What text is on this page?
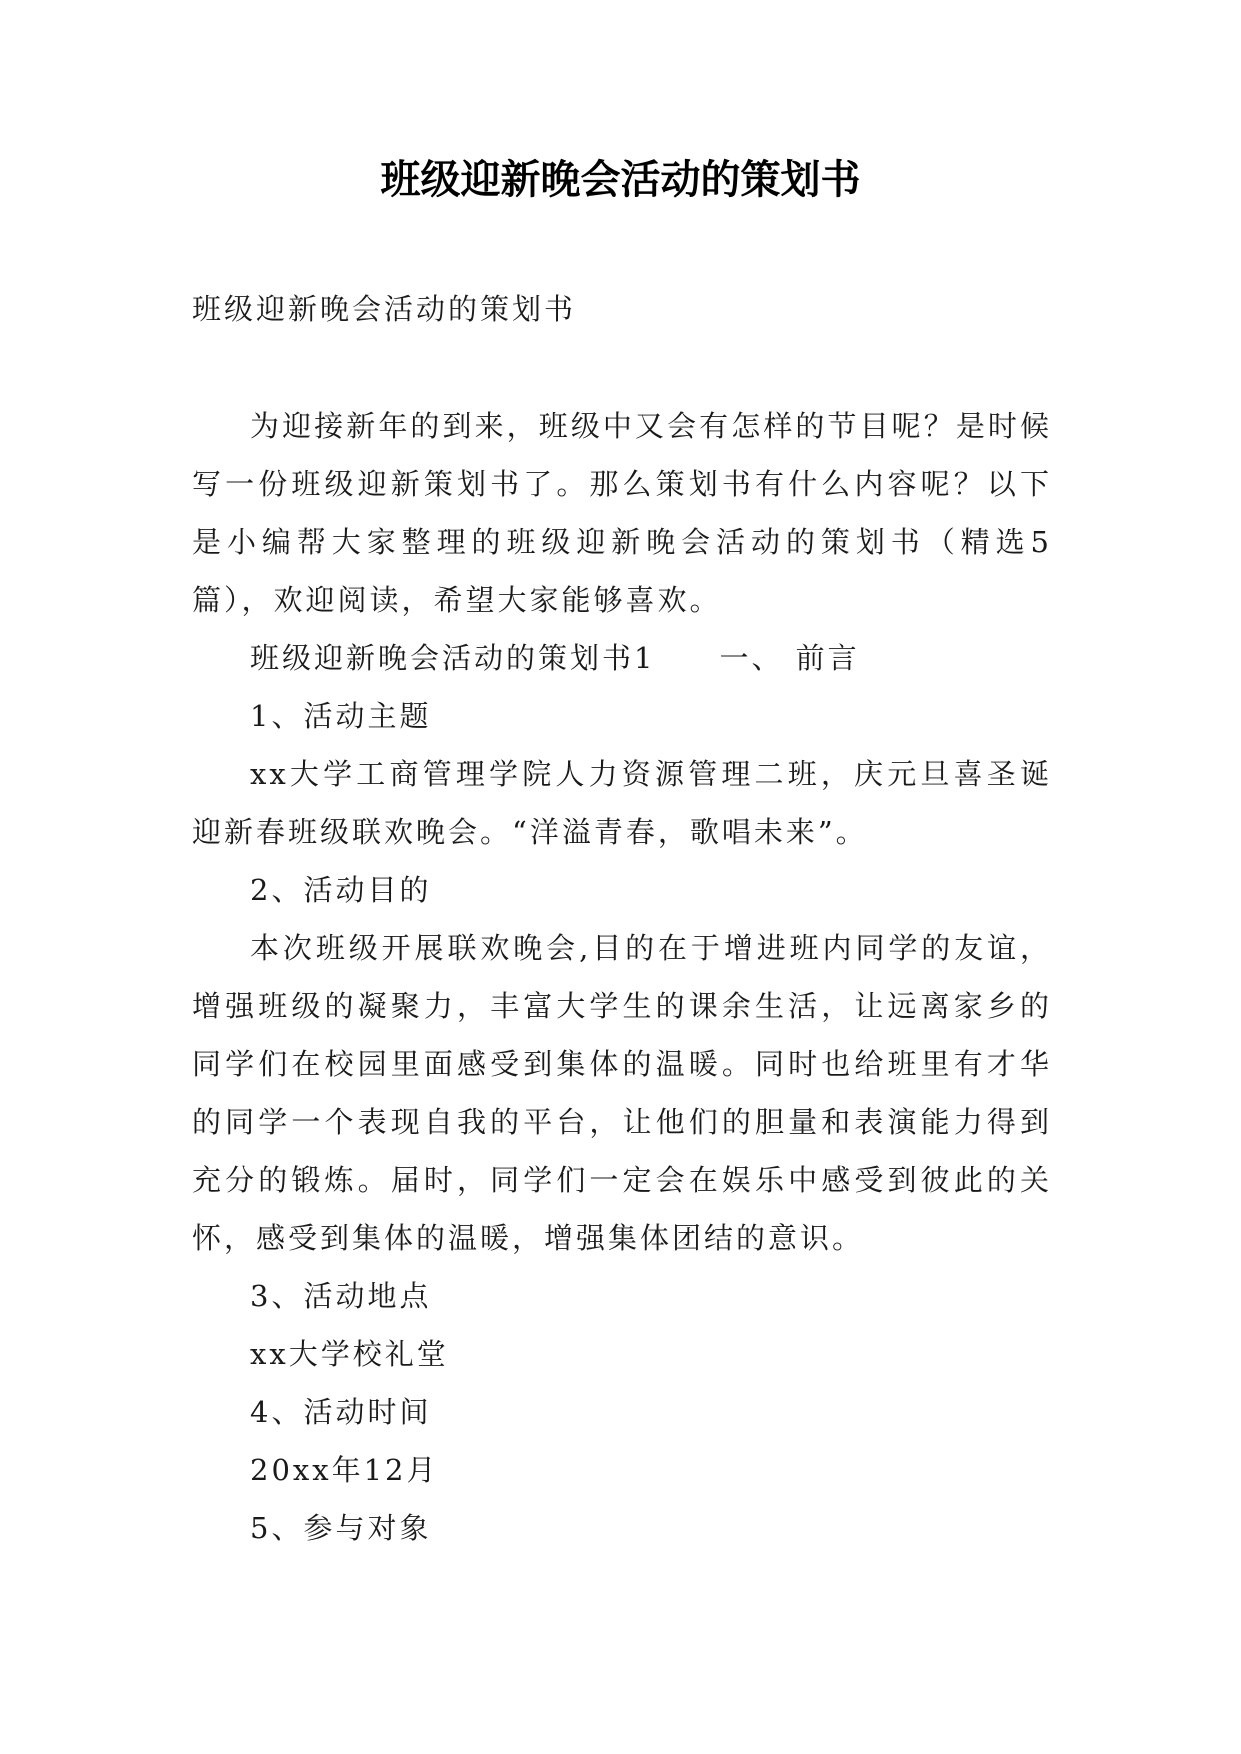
班级迎新晚会活动的策划书

班级迎新晚会活动的策划书

为迎接新年的到来，班级中又会有怎样的节目呢？是时候写一份班级迎新策划书了。那么策划书有什么内容呢？以下是小编帮大家整理的班级迎新晚会活动的策划书（精选5篇），欢迎阅读，希望大家能够喜欢。

班级迎新晚会活动的策划书1　　一、 前言

1、活动主题

xx大学工商管理学院人力资源管理二班，庆元旦喜圣诞迎新春班级联欢晚会。“洋溢青春，歌唱未来”。

2、活动目的

本次班级开展联欢晚会,目的在于增进班内同学的友谊，增强班级的凝聚力，丰富大学生的课余生活，让远离家乡的同学们在校园里面感受到集体的温暖。同时也给班里有才华的同学一个表现自我的平台，让他们的胆量和表演能力得到充分的锻炼。届时，同学们一定会在娱乐中感受到彼此的关怀，感受到集体的温暖，增强集体团结的意识。

3、活动地点

xx大学校礼堂

4、活动时间

20xx年12月

5、参与对象
